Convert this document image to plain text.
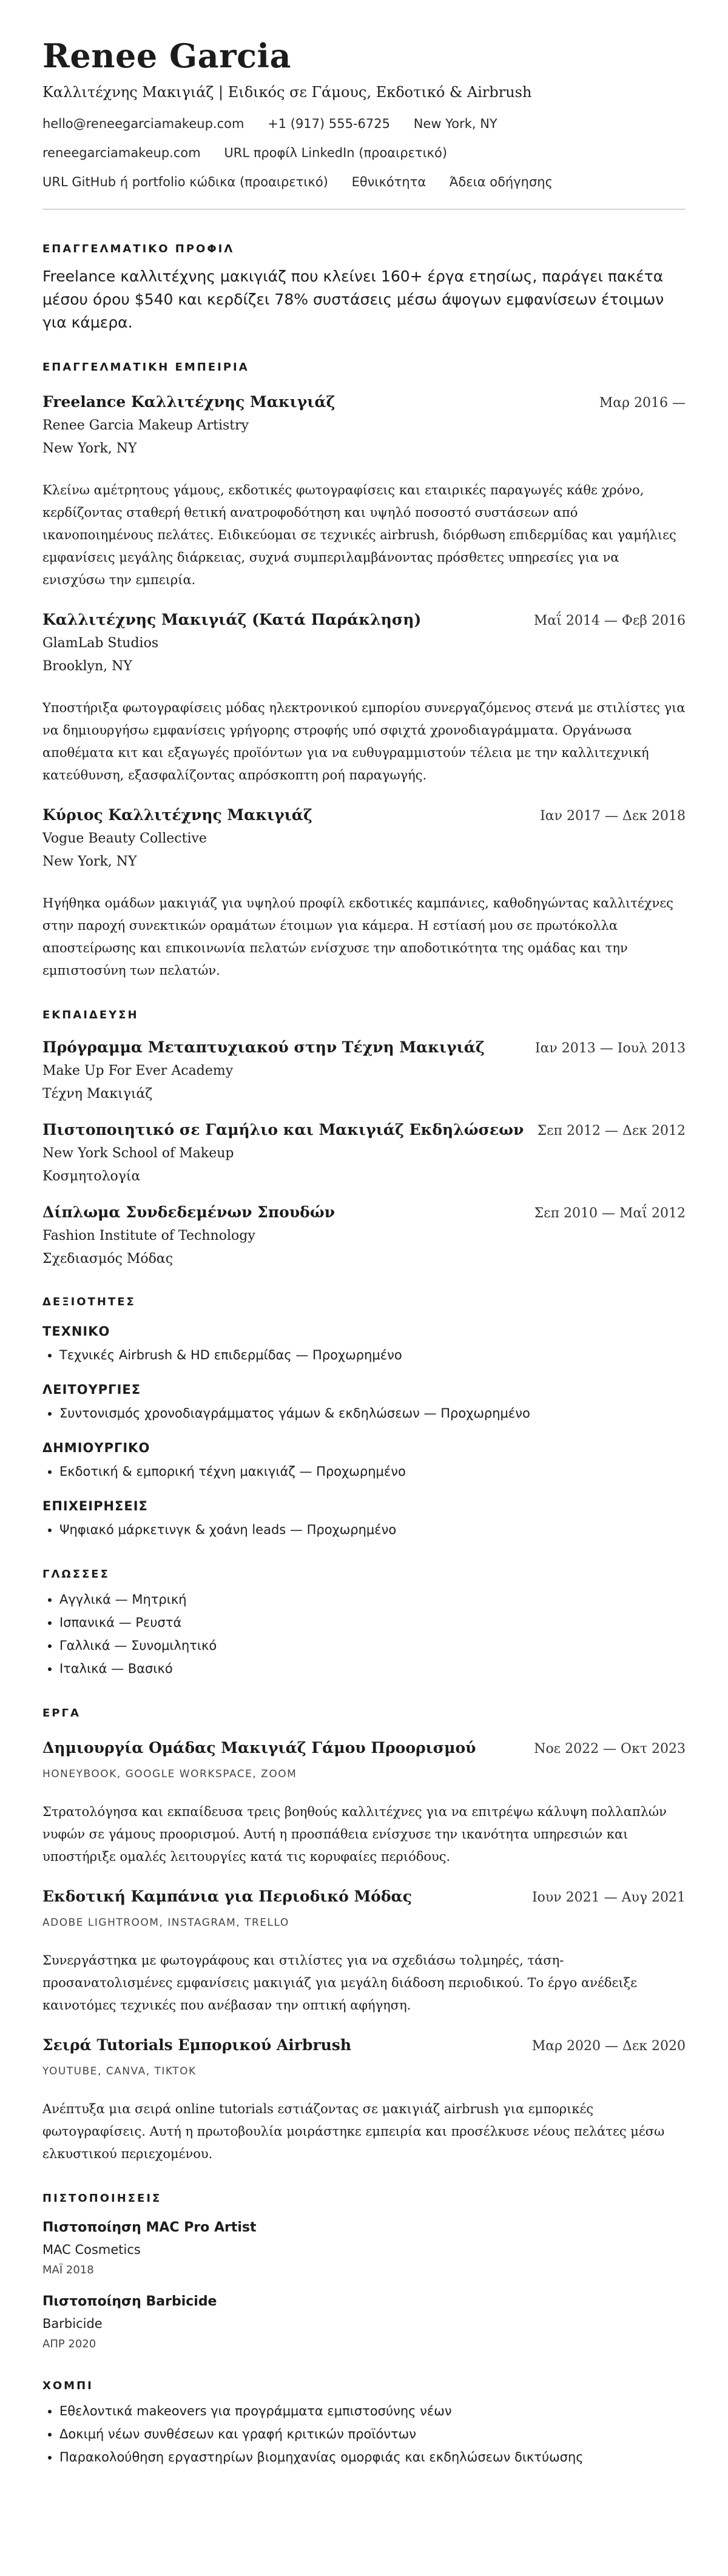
Renee Garcia
Καλλιτέχνης Μακιγιάζ | Ειδικός σε Γάμους, Εκδοτικό & Airbrush
hello@reneegarciamakeup.com +1 (917) 555-6725 New York, NY
reneegarciamakeup.com URL προφίλ LinkedIn (προαιρετικό)
URL GitHub ή portfolio κώδικα (προαιρετικό) Εθνικότητα Άδεια οδήγησης
ΕΠΑΓΓΕΛΜΑΤΙΚΟ ΠΡΟΦΙΛ
Freelance καλλιτέχνης μακιγιάζ που κλείνει 160+ έργα ετησίως, παράγει πακέτα μέσου όρου $540 και κερδίζει 78% συστάσεις μέσω άψογων εμφανίσεων έτοιμων για κάμερα.
ΕΠΑΓΓΕΛΜΑΤΙΚΗ ΕΜΠΕΙΡΙΑ
Freelance Καλλιτέχνης Μακιγιάζ	Μαρ 2016 —
Renee Garcia Makeup Artistry
New York, NY
Κλείνω αμέτρητους γάμους, εκδοτικές φωτογραφίσεις και εταιρικές παραγωγές κάθε χρόνο, κερδίζοντας σταθερή θετική ανατροφοδότηση και υψηλό ποσοστό συστάσεων από ικανοποιημένους πελάτες. Ειδικεύομαι σε τεχνικές airbrush, διόρθωση επιδερμίδας και γαμήλιες εμφανίσεις μεγάλης διάρκειας, συχνά συμπεριλαμβάνοντας πρόσθετες υπηρεσίες για να ενισχύσω την εμπειρία.
Καλλιτέχνης Μακιγιάζ (Κατά Παράκληση)	Μαΐ 2014 — Φεβ 2016
GlamLab Studios
Brooklyn, NY
Υποστήριξα φωτογραφίσεις μόδας ηλεκτρονικού εμπορίου συνεργαζόμενος στενά με στιλίστες για να δημιουργήσω εμφανίσεις γρήγορης στροφής υπό σφιχτά χρονοδιαγράμματα. Οργάνωσα αποθέματα κιτ και εξαγωγές προϊόντων για να ευθυγραμμιστούν τέλεια με την καλλιτεχνική κατεύθυνση, εξασφαλίζοντας απρόσκοπτη ροή παραγωγής.
Κύριος Καλλιτέχνης Μακιγιάζ	Ιαν 2017 — Δεκ 2018
Vogue Beauty Collective
New York, NY
Ηγήθηκα ομάδων μακιγιάζ για υψηλού προφίλ εκδοτικές καμπάνιες, καθοδηγώντας καλλιτέχνες στην παροχή συνεκτικών οραμάτων έτοιμων για κάμερα. Η εστίασή μου σε πρωτόκολλα αποστείρωσης και επικοινωνία πελατών ενίσχυσε την αποδοτικότητα της ομάδας και την εμπιστοσύνη των πελατών.
ΕΚΠΑΙΔΕΥΣΗ
Πρόγραμμα Μεταπτυχιακού στην Τέχνη Μακιγιάζ	Ιαν 2013 — Ιουλ 2013
Make Up For Ever Academy
Τέχνη Μακιγιάζ
Πιστοποιητικό σε Γαμήλιο και Μακιγιάζ Εκδηλώσεων Σεπ 2012 — Δεκ 2012
New York School of Makeup
Κοσμητολογία
Δίπλωμα Συνδεδεμένων Σπουδών	Σεπ 2010 — Μαΐ 2012
Fashion Institute of Technology
Σχεδιασμός Μόδας
ΔΕΞΙΟΤΗΤΕΣ
ΤΕΧΝΙΚΟ
• Τεχνικές Airbrush & HD επιδερμίδας — Προχωρημένο
ΛΕΙΤΟΥΡΓΙΕΣ
• Συντονισμός χρονοδιαγράμματος γάμων & εκδηλώσεων — Προχωρημένο
ΔΗΜΙΟΥΡΓΙΚΟ
• Εκδοτική & εμπορική τέχνη μακιγιάζ — Προχωρημένο
ΕΠΙΧΕΙΡΗΣΕΙΣ
• Ψηφιακό μάρκετινγκ & χοάνη leads — Προχωρημένο
ΓΛΩΣΣΕΣ
• Αγγλικά — Μητρική
• Ισπανικά — Ρευστά
• Γαλλικά — Συνομιλητικό
• Ιταλικά — Βασικό
ΕΡΓΑ
Δημιουργία Ομάδας Μακιγιάζ Γάμου Προορισμού	Νοε 2022 — Οκτ 2023
HONEYBOOK, GOOGLE WORKSPACE, ZOOM
Στρατολόγησα και εκπαίδευσα τρεις βοηθούς καλλιτέχνες για να επιτρέψω κάλυψη πολλαπλών νυφών σε γάμους προορισμού. Αυτή η προσπάθεια ενίσχυσε την ικανότητα υπηρεσιών και υποστήριξε ομαλές λειτουργίες κατά τις κορυφαίες περιόδους.
Εκδοτική Καμπάνια για Περιοδικό Μόδας	Ιουν 2021 — Αυγ 2021
ADOBE LIGHTROOM, INSTAGRAM, TRELLO
Συνεργάστηκα με φωτογράφους και στιλίστες για να σχεδιάσω τολμηρές, τάση-προσανατολισμένες εμφανίσεις μακιγιάζ για μεγάλη διάδοση περιοδικού. Το έργο ανέδειξε καινοτόμες τεχνικές που ανέβασαν την οπτική αφήγηση.
Σειρά Tutorials Εμπορικού Airbrush	Μαρ 2020 — Δεκ 2020
YOUTUBE, CANVA, TIKTOK
Ανέπτυξα μια σειρά online tutorials εστιάζοντας σε μακιγιάζ airbrush για εμπορικές φωτογραφίσεις. Αυτή η πρωτοβουλία μοιράστηκε εμπειρία και προσέλκυσε νέους πελάτες μέσω ελκυστικού περιεχομένου.
ΠΙΣΤΟΠΟΙΗΣΕΙΣ
Πιστοποίηση MAC Pro Artist
MAC Cosmetics
ΜΑΪ 2018
Πιστοποίηση Barbicide
Barbicide
ΑΠΡ 2020
ΧΟΜΠΙ
• Εθελοντικά makeovers για προγράμματα εμπιστοσύνης νέων
• Δοκιμή νέων συνθέσεων και γραφή κριτικών προϊόντων
• Παρακολούθηση εργαστηρίων βιομηχανίας ομορφιάς και εκδηλώσεων δικτύωσης
